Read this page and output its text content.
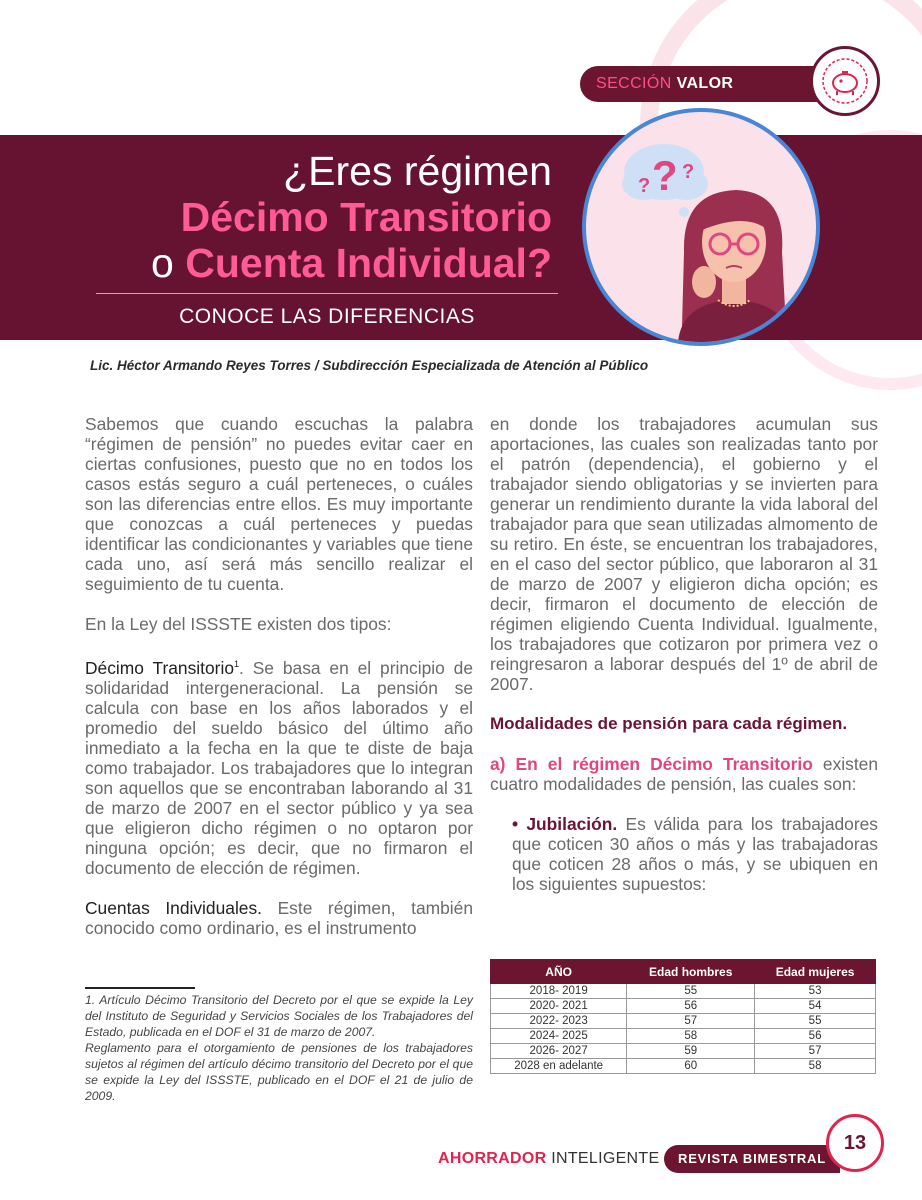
SECCIÓN VALOR
¿Eres régimen
Décimo Transitorio
o Cuenta Individual?
CONOCE LAS DIFERENCIAS
? ? ?
Lic. Héctor Armando Reyes Torres / Subdirección Especializada de Atención al Público

Sabemos que cuando escuchas la palabra “régimen de pensión” no puedes evitar caer en ciertas confusiones, puesto que no en todos los casos estás seguro a cuál perteneces, o cuáles son las diferencias entre ellos. Es muy importante que conozcas a cuál perteneces y puedas identificar las condicionantes y variables que tiene cada uno, así será más sencillo realizar el seguimiento de tu cuenta.

En la Ley del ISSSTE existen dos tipos:

Décimo Transitorio$^1$. Se basa en el principio de solidaridad intergeneracional. La pensión se calcula con base en los años laborados y el promedio del sueldo básico del último año inmediato a la fecha en la que te diste de baja como trabajador. Los trabajadores que lo integran son aquellos que se encontraban laborando al 31 de marzo de 2007 en el sector público y ya sea que eligieron dicho régimen o no optaron por ninguna opción; es decir, que no firmaron el documento de elección de régimen.

Cuentas Individuales. Este régimen, también conocido como ordinario, es el instrumento

1. Artículo Décimo Transitorio del Decreto por el que se expide la Ley del Instituto de Seguridad y Servicios Sociales de los Trabajadores del Estado, publicada en el DOF el 31 de marzo de 2007.
Reglamento para el otorgamiento de pensiones de los trabajadores sujetos al régimen del artículo décimo transitorio del Decreto por el que se expide la Ley del ISSSTE, publicado en el DOF el 21 de julio de 2009.

en donde los trabajadores acumulan sus aportaciones, las cuales son realizadas tanto por el patrón (dependencia), el gobierno y el trabajador siendo obligatorias y se invierten para generar un rendimiento durante la vida laboral del trabajador para que sean utilizadas almomento de su retiro. En éste, se encuentran los trabajadores, en el caso del sector público, que laboraron al 31 de marzo de 2007 y eligieron dicha opción; es decir, firmaron el documento de elección de régimen eligiendo Cuenta Individual. Igualmente, los trabajadores que cotizaron por primera vez o reingresaron a laborar después del 1º de abril de 2007.

Modalidades de pensión para cada régimen.

a) En el régimen Décimo Transitorio existen cuatro modalidades de pensión, las cuales son:

• Jubilación. Es válida para los trabajadores que coticen 30 años o más y las trabajadoras que coticen 28 años o más, y se ubiquen en los siguientes supuestos:

AÑO	Edad hombres	Edad mujeres
2018- 2019	55	53
2020- 2021	56	54
2022- 2023	57	55
2024- 2025	58	56
2026- 2027	59	57
2028 en adelante	60	58
AHORRADOR INTELIGENTE REVISTA BIMESTRAL
13
